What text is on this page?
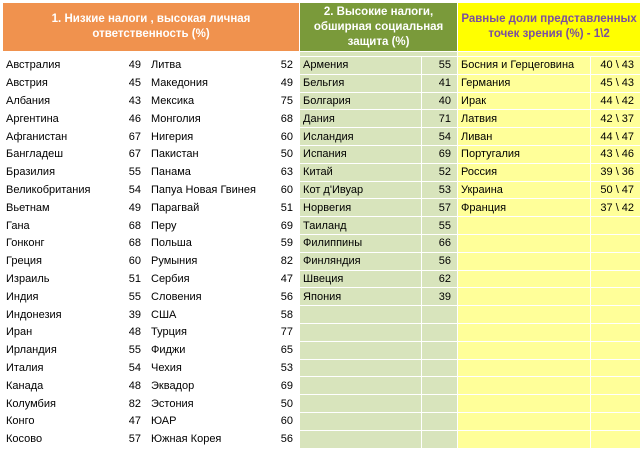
1. Низкие налоги , высокая личная ответственность (%)				2. Высокие налоги, обширная социальная защита (%)		Равные доли представленных точек зрения (%) - 1\2	

Австралия	49	Литва	52	Армения	55	Босния и Герцеговина	40 \ 43
Австрия	45	Македония	49	Бельгия	41	Германия	45 \ 43
Албания	43	Мексика	75	Болгария	40	Ирак	44 \ 42
Аргентина	46	Монголия	68	Дания	71	Латвия	42 \ 37
Афганистан	67	Нигерия	60	Исландия	54	Ливан	44 \ 47
Бангладеш	67	Пакистан	50	Испания	69	Португалия	43 \ 46
Бразилия	55	Панама	63	Китай	52	Россия	39 \ 36
Великобритания	54	Папуа Новая Гвинея	60	Кот д'Ивуар	53	Украина	50 \ 47
Вьетнам	49	Парагвай	51	Норвегия	57	Франция	37 \ 42
Гана	68	Перу	69	Таиланд	55		
Гонконг	68	Польша	59	Филиппины	66		
Греция	60	Румыния	82	Финляндия	56		
Израиль	51	Сербия	47	Швеция	62		
Индия	55	Словения	56	Япония	39		
Индонезия	39	США	58				
Иран	48	Турция	77				
Ирландия	55	Фиджи	65				
Италия	54	Чехия	53				
Канада	48	Эквадор	69				
Колумбия	82	Эстония	50				
Конго	47	ЮАР	60				
Косово	57	Южная Корея	56				
